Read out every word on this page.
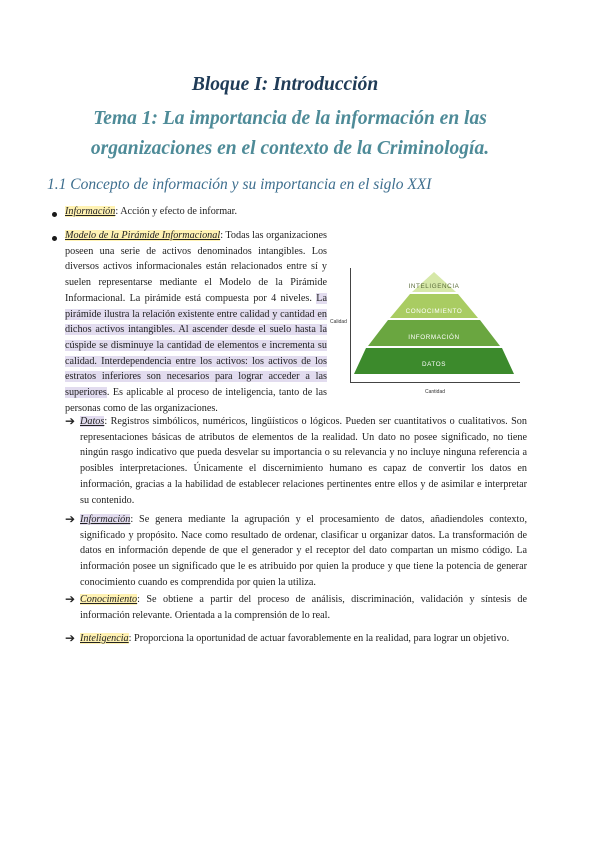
Bloque I: Introducción
Tema 1: La importancia de la información en las
organizaciones en el contexto de la Criminología.
1.1 Concepto de información y su importancia en el siglo XXI
Información: Acción y efecto de informar.
Modelo de la Pirámide Informacional: Todas las organizaciones poseen una serie de activos denominados intangibles. Los diversos activos informacionales están relacionados entre sí y suelen representarse mediante el Modelo de la Pirámide Informacional. La pirámide está compuesta por 4 niveles. La pirámide ilustra la relación existente entre calidad y cantidad en dichos activos intangibles. Al ascender desde el suelo hasta la cúspide se disminuye la cantidad de elementos e incrementa su calidad. Interdependencia entre los activos: los activos de los estratos inferiores son necesarios para lograr acceder a las superiores. Es aplicable al proceso de inteligencia, tanto de las personas como de las organizaciones.
Calidad
Cantidad
INTELIGENCIA
CONOCIMIENTO
INFORMACIÓN
DATOS
➔ Datos: Registros simbólicos, numéricos, lingüísticos o lógicos. Pueden ser cuantitativos o cualitativos. Son representaciones básicas de atributos de elementos de la realidad. Un dato no posee significado, no tiene ningún rasgo indicativo que pueda desvelar su importancia o su relevancia y no incluye ninguna referencia a posibles interpretaciones. Únicamente el discernimiento humano es capaz de convertir los datos en información, gracias a la habilidad de establecer relaciones pertinentes entre ellos y de asimilar e interpretar su contenido.
➔ Información: Se genera mediante la agrupación y el procesamiento de datos, añadiendoles contexto, significado y propósito. Nace como resultado de ordenar, clasificar u organizar datos. La transformación de datos en información depende de que el generador y el receptor del dato compartan un mismo código. La información posee un significado que le es atribuido por quien la produce y que tiene la potencia de generar conocimiento cuando es comprendida por quien la utiliza.
➔ Conocimiento: Se obtiene a partir del proceso de análisis, discriminación, validación y síntesis de información relevante. Orientada a la comprensión de lo real.
➔ Inteligencia: Proporciona la oportunidad de actuar favorablemente en la realidad, para lograr un objetivo.
